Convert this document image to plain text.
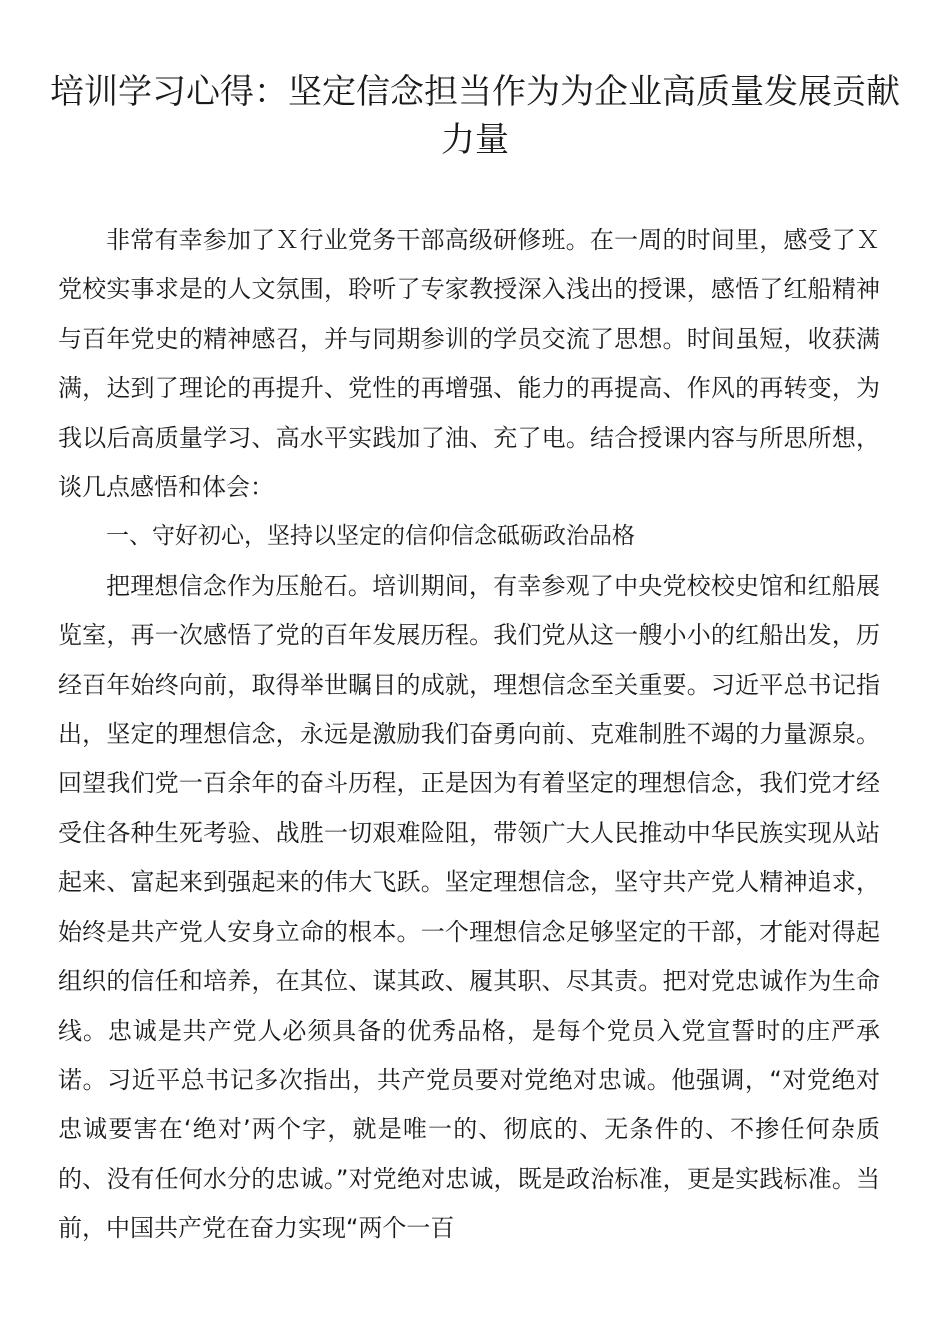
培训学习心得：坚定信念担当作为为企业高质量发展贡献力量

非常有幸参加了Ｘ行业党务干部高级研修班。在一周的时间里，感受了Ｘ党校实事求是的人文氛围，聆听了专家教授深入浅出的授课，感悟了红船精神与百年党史的精神感召，并与同期参训的学员交流了思想。时间虽短，收获满满，达到了理论的再提升、党性的再增强、能力的再提高、作风的再转变，为我以后高质量学习、高水平实践加了油、充了电。结合授课内容与所思所想，谈几点感悟和体会：

一、守好初心，坚持以坚定的信仰信念砥砺政治品格

把理想信念作为压舱石。培训期间，有幸参观了中央党校校史馆和红船展览室，再一次感悟了党的百年发展历程。我们党从这一艘小小的红船出发，历经百年始终向前，取得举世瞩目的成就，理想信念至关重要。习近平总书记指出，坚定的理想信念，永远是激励我们奋勇向前、克难制胜不竭的力量源泉。回望我们党一百余年的奋斗历程，正是因为有着坚定的理想信念，我们党才经受住各种生死考验、战胜一切艰难险阻，带领广大人民推动中华民族实现从站起来、富起来到强起来的伟大飞跃。坚定理想信念，坚守共产党人精神追求，始终是共产党人安身立命的根本。一个理想信念足够坚定的干部，才能对得起组织的信任和培养，在其位、谋其政、履其职、尽其责。把对党忠诚作为生命线。忠诚是共产党人必须具备的优秀品格，是每个党员入党宣誓时的庄严承诺。习近平总书记多次指出，共产党员要对党绝对忠诚。他强调，“对党绝对忠诚要害在‘绝对’两个字，就是唯一的、彻底的、无条件的、不掺任何杂质的、没有任何水分的忠诚。”对党绝对忠诚，既是政治标准，更是实践标准。当前，中国共产党在奋力实现“两个一百
